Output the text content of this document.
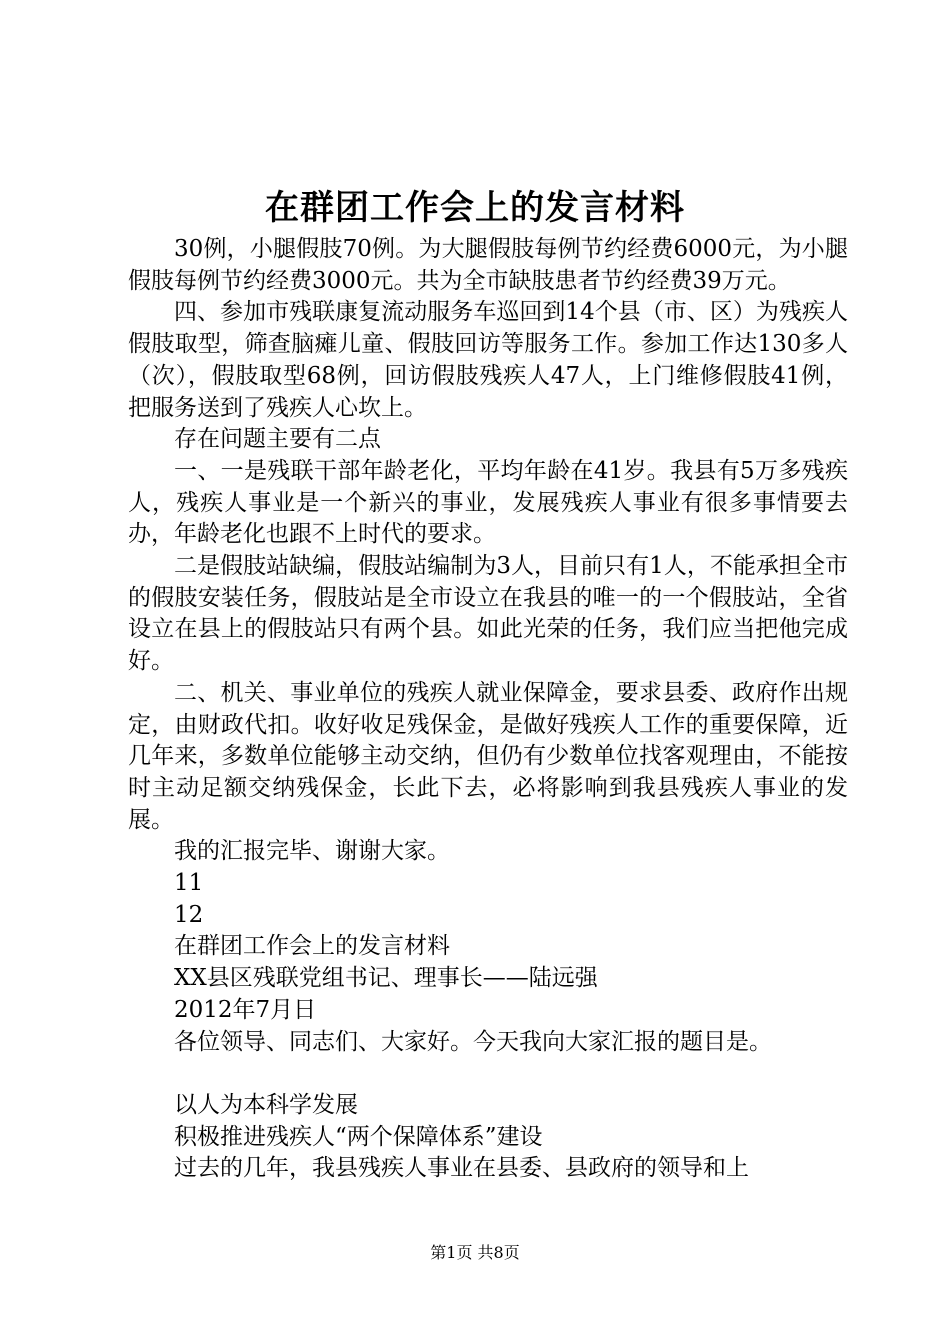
在群团工作会上的发言材料

30例，小腿假肢70例。为大腿假肢每例节约经费6000元，为小腿假肢每例节约经费3000元。共为全市缺肢患者节约经费39万元。

四、参加市残联康复流动服务车巡回到14个县（市、区）为残疾人假肢取型，筛查脑瘫儿童、假肢回访等服务工作。参加工作达130多人（次），假肢取型68例，回访假肢残疾人47人，上门维修假肢41例，把服务送到了残疾人心坎上。

存在问题主要有二点

一、一是残联干部年龄老化，平均年龄在41岁。我县有5万多残疾人，残疾人事业是一个新兴的事业，发展残疾人事业有很多事情要去办，年龄老化也跟不上时代的要求。

二是假肢站缺编，假肢站编制为3人，目前只有1人，不能承担全市的假肢安装任务，假肢站是全市设立在我县的唯一的一个假肢站，全省设立在县上的假肢站只有两个县。如此光荣的任务，我们应当把他完成好。

二、机关、事业单位的残疾人就业保障金，要求县委、政府作出规定，由财政代扣。收好收足残保金，是做好残疾人工作的重要保障，近几年来，多数单位能够主动交纳，但仍有少数单位找客观理由，不能按时主动足额交纳残保金，长此下去，必将影响到我县残疾人事业的发展。

我的汇报完毕、谢谢大家。

11

12

在群团工作会上的发言材料

XX县区残联党组书记、理事长——陆远强

2012年7月日

各位领导、同志们、大家好。今天我向大家汇报的题目是。

以人为本科学发展

积极推进残疾人“两个保障体系”建设

过去的几年，我县残疾人事业在县委、县政府的领导和上

第1页 共8页
